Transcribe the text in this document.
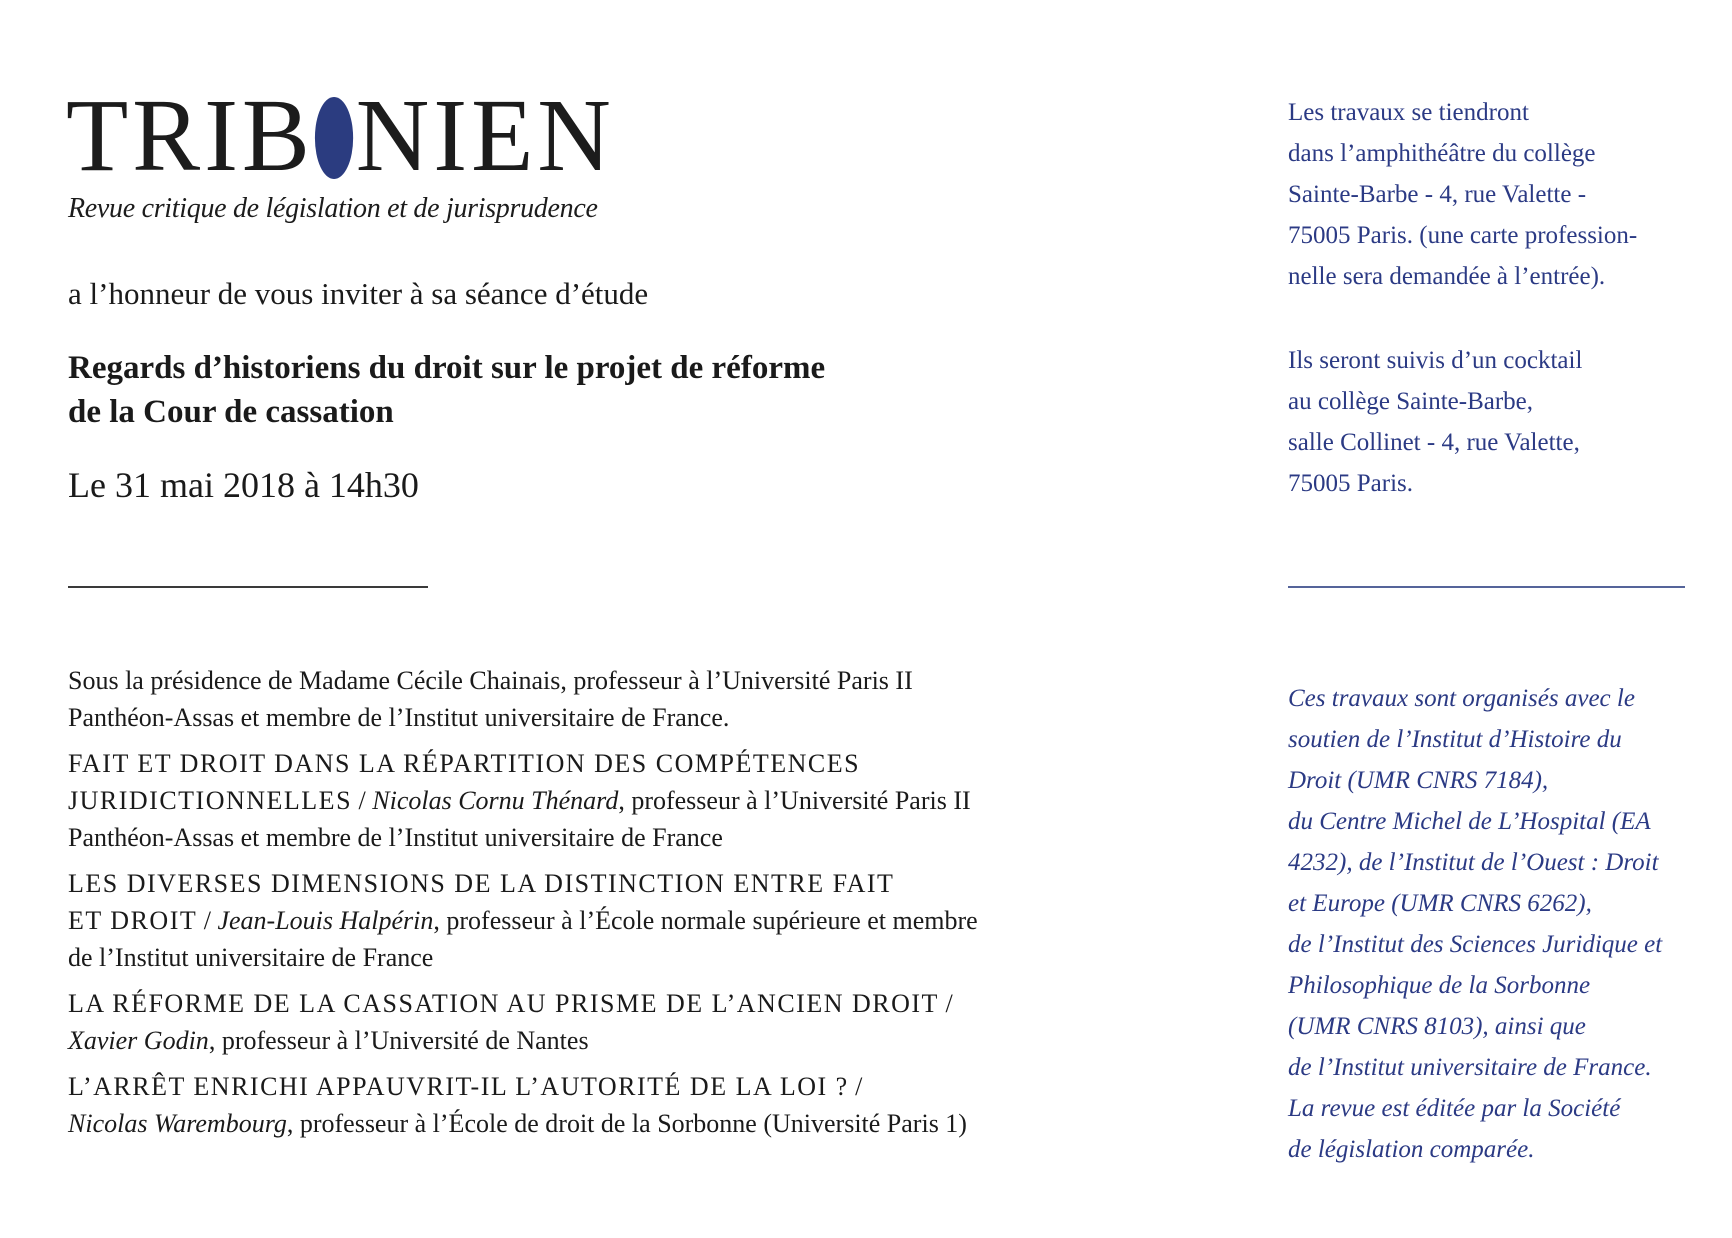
TRIB NIEN
Revue critique de législation et de jurisprudence
a l’honneur de vous inviter à sa séance d’étude
Regards d’historiens du droit sur le projet de réforme
de la Cour de cassation
Le 31 mai 2018 à 14h30

Sous la présidence de Madame Cécile Chainais, professeur à l’Université Paris II
Panthéon-Assas et membre de l’Institut universitaire de France.

FAIT ET DROIT DANS LA RÉPARTITION DES COMPÉTENCES
JURIDICTIONNELLES / Nicolas Cornu Thénard, professeur à l’Université Paris II
Panthéon-Assas et membre de l’Institut universitaire de France

LES DIVERSES DIMENSIONS DE LA DISTINCTION ENTRE FAIT
ET DROIT / Jean-Louis Halpérin, professeur à l’École normale supérieure et membre
de l’Institut universitaire de France

LA RÉFORME DE LA CASSATION AU PRISME DE L’ANCIEN DROIT /
Xavier Godin, professeur à l’Université de Nantes

L’ARRÊT ENRICHI APPAUVRIT-IL L’AUTORITÉ DE LA LOI ? /
Nicolas Warembourg, professeur à l’École de droit de la Sorbonne (Université Paris 1)

Les travaux se tiendront
dans l’amphithéâtre du collège
Sainte-Barbe - 4, rue Valette -
75005 Paris. (une carte profession-
nelle sera demandée à l’entrée).
Ils seront suivis d’un cocktail
au collège Sainte-Barbe,
salle Collinet - 4, rue Valette,
75005 Paris.
Ces travaux sont organisés avec le
soutien de l’Institut d’Histoire du
Droit (UMR CNRS 7184),
du Centre Michel de L’Hospital (EA
4232), de l’Institut de l’Ouest : Droit
et Europe (UMR CNRS 6262),
de l’Institut des Sciences Juridique et
Philosophique de la Sorbonne
(UMR CNRS 8103), ainsi que
de l’Institut universitaire de France.
La revue est éditée par la Société
de législation comparée.
